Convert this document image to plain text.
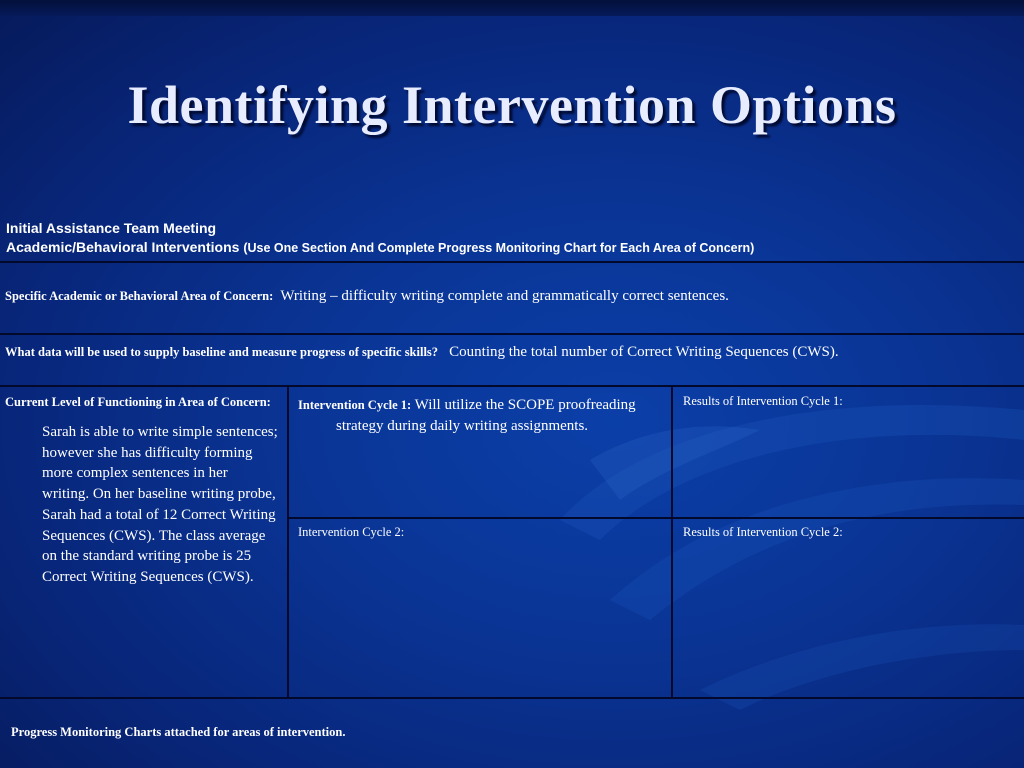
Identifying Intervention Options
Initial Assistance Team Meeting
Academic/Behavioral Interventions (Use One Section And Complete Progress Monitoring Chart for Each Area of Concern)
Specific Academic or Behavioral Area of Concern: Writing – difficulty writing complete and grammatically correct sentences.
What data will be used to supply baseline and measure progress of specific skills? Counting the total number of Correct Writing Sequences (CWS).
Current Level of Functioning in Area of Concern:
Sarah is able to write simple sentences; however she has difficulty forming more complex sentences in her writing. On her baseline writing probe, Sarah had a total of 12 Correct Writing Sequences (CWS). The class average on the standard writing probe is 25 Correct Writing Sequences (CWS).
Intervention Cycle 1: Will utilize the SCOPE proofreading strategy during daily writing assignments.
Results of Intervention Cycle 1:
Intervention Cycle 2:	Results of Intervention Cycle 2:
Progress Monitoring Charts attached for areas of intervention.
